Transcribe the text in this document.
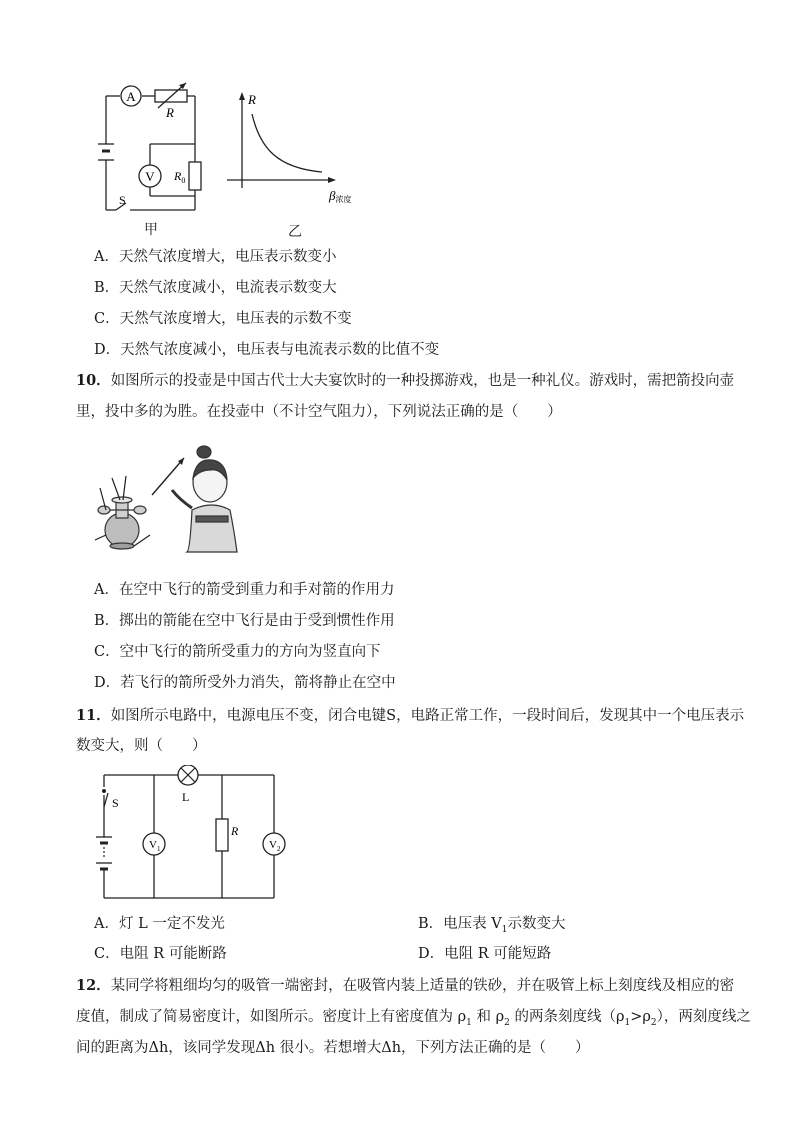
A
R
V $R_0$
S
甲
R
β浓度
乙
A．天然气浓度增大，电压表示数变小
B．天然气浓度减小，电流表示数变大
C．天然气浓度增大，电压表的示数不变
D．天然气浓度减小，电压表与电流表示数的比值不变
10．如图所示的投壶是中国古代士大夫宴饮时的一种投掷游戏，也是一种礼仪。游戏时，需把箭投向壶
里，投中多的为胜。在投壶中（不计空气阻力），下列说法正确的是（　　）
A．在空中飞行的箭受到重力和手对箭的作用力
B．掷出的箭能在空中飞行是由于受到惯性作用
C．空中飞行的箭所受重力的方向为竖直向下
D．若飞行的箭所受外力消失，箭将静止在空中
11．如图所示电路中，电源电压不变，闭合电键S，电路正常工作，一段时间后，发现其中一个电压表示
数变大，则（　　）
S	L
R
$V_1$	$V_2$
A．灯 L 一定不发光	B．电压表 $V_1$示数变大
C．电阻 R 可能断路	D．电阻 R 可能短路
12．某同学将粗细均匀的吸管一端密封，在吸管内装上适量的铁砂，并在吸管上标上刻度线及相应的密
度值，制成了简易密度计，如图所示。密度计上有密度值为 $\rho_1$ 和 $\rho_2$ 的两条刻度线$(\rho_1>\rho_2)$，两刻度线之
间的距离为Δh，该同学发现Δh 很小。若想增大Δh，下列方法正确的是（　　）
